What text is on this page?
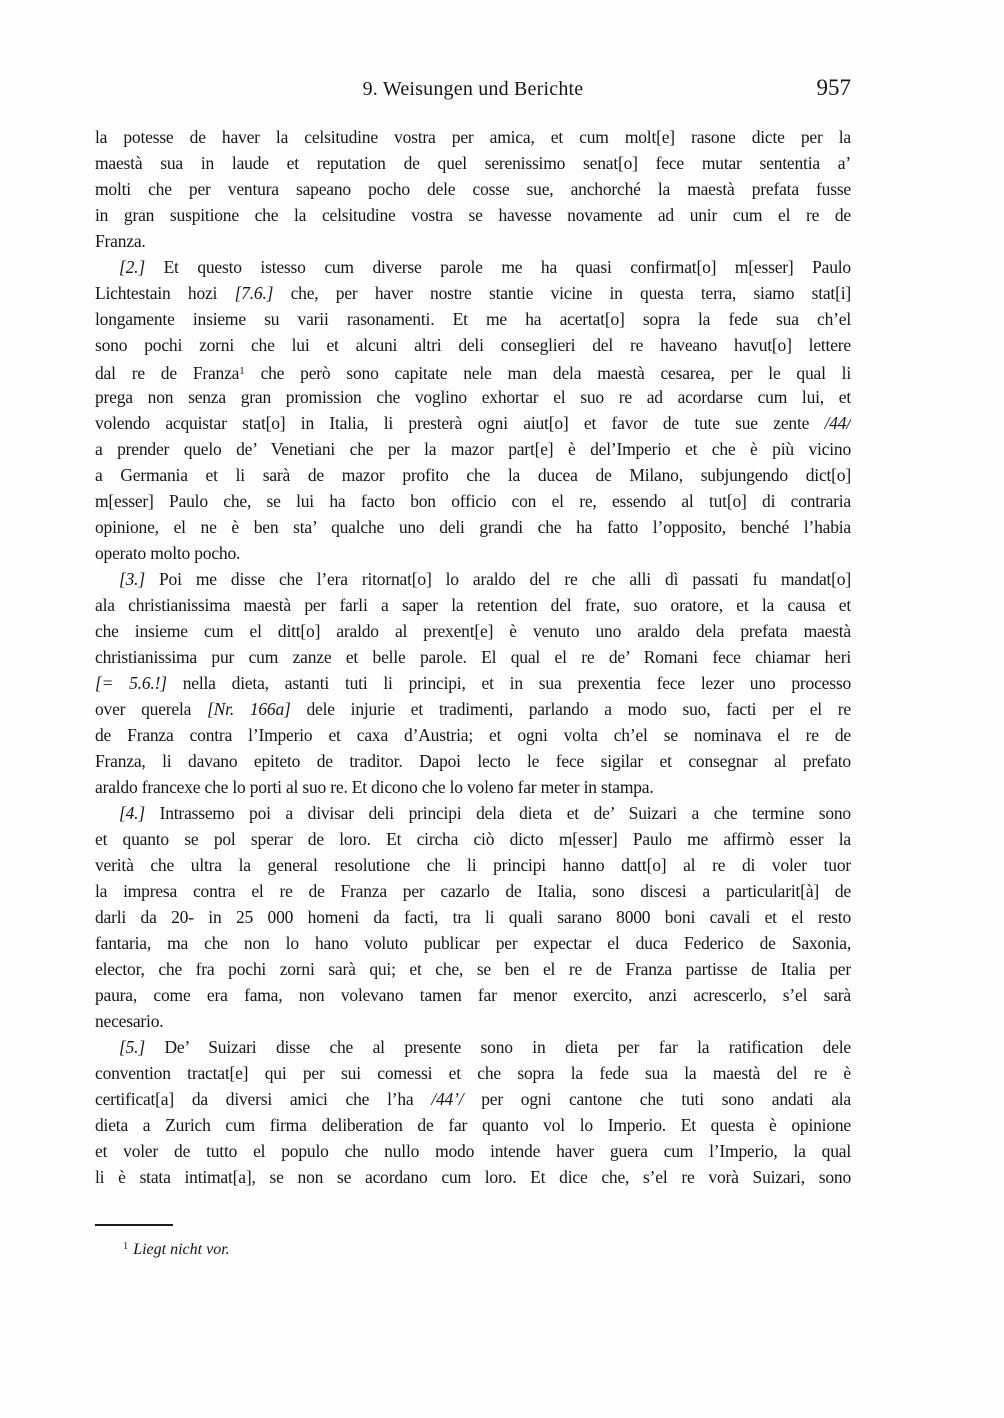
9. Weisungen und Berichte	957
la potesse de haver la celsitudine vostra per amica, et cum molt[e] rasone dicte per la
maestà sua in laude et reputation de quel serenissimo senat[o] fece mutar sententia a’
molti che per ventura sapeano pocho dele cosse sue, anchorché la maestà prefata fusse
in gran suspitione che la celsitudine vostra se havesse novamente ad unir cum el re de
Franza.
[2.] Et questo istesso cum diverse parole me ha quasi confirmat[o] m[esser] Paulo
Lichtestain hozi [7.6.] che, per haver nostre stantie vicine in questa terra, siamo stat[i]
longamente insieme su varii rasonamenti. Et me ha acertat[o] sopra la fede sua ch’el
sono pochi zorni che lui et alcuni altri deli conseglieri del re haveano havut[o] lettere
dal re de Franza$^1$ che però sono capitate nele man dela maestà cesarea, per le qual li
prega non senza gran promission che voglino exhortar el suo re ad acordarse cum lui, et
volendo acquistar stat[o] in Italia, li presterà ogni aiut[o] et favor de tute sue zente /44/
a prender quelo de’ Venetiani che per la mazor part[e] è del’Imperio et che è più vicino
a Germania et li sarà de mazor profito che la ducea de Milano, subjungendo dict[o]
m[esser] Paulo che, se lui ha facto bon officio con el re, essendo al tut[o] di contraria
opinione, el ne è ben sta’ qualche uno deli grandi che ha fatto l’opposito, benché l’habia
operato molto pocho.
[3.] Poi me disse che l’era ritornat[o] lo araldo del re che alli dì passati fu mandat[o]
ala christianissima maestà per farli a saper la retention del frate, suo oratore, et la causa et
che insieme cum el ditt[o] araldo al prexent[e] è venuto uno araldo dela prefata maestà
christianissima pur cum zanze et belle parole. El qual el re de’ Romani fece chiamar heri
[= 5.6.!] nella dieta, astanti tuti li principi, et in sua prexentia fece lezer uno processo
over querela [Nr. 166a] dele injurie et tradimenti, parlando a modo suo, facti per el re
de Franza contra l’Imperio et caxa d’Austria; et ogni volta ch’el se nominava el re de
Franza, li davano epiteto de traditor. Dapoi lecto le fece sigilar et consegnar al prefato
araldo francexe che lo porti al suo re. Et dicono che lo voleno far meter in stampa.
[4.] Intrassemo poi a divisar deli principi dela dieta et de’ Suizari a che termine sono
et quanto se pol sperar de loro. Et circha ciò dicto m[esser] Paulo me affirmò esser la
verità che ultra la general resolutione che li principi hanno datt[o] al re di voler tuor
la impresa contra el re de Franza per cazarlo de Italia, sono discesi a particularit[à] de
darli da 20- in 25 000 homeni da facti, tra li quali sarano 8000 boni cavali et el resto
fantaria, ma che non lo hano voluto publicar per expectar el duca Federico de Saxonia,
elector, che fra pochi zorni sarà qui; et che, se ben el re de Franza partisse de Italia per
paura, come era fama, non volevano tamen far menor exercito, anzi acrescerlo, s’el sarà
necesario.
[5.] De’ Suizari disse che al presente sono in dieta per far la ratification dele
convention tractat[e] qui per sui comessi et che sopra la fede sua la maestà del re è
certificat[a] da diversi amici che l’ha /44’/ per ogni cantone che tuti sono andati ala
dieta a Zurich cum firma deliberation de far quanto vol lo Imperio. Et questa è opinione
et voler de tutto el populo che nullo modo intende haver guera cum l’Imperio, la qual
li è stata intimat[a], se non se acordano cum loro. Et dice che, s’el re vorà Suizari, sono
$^1$ Liegt nicht vor.
